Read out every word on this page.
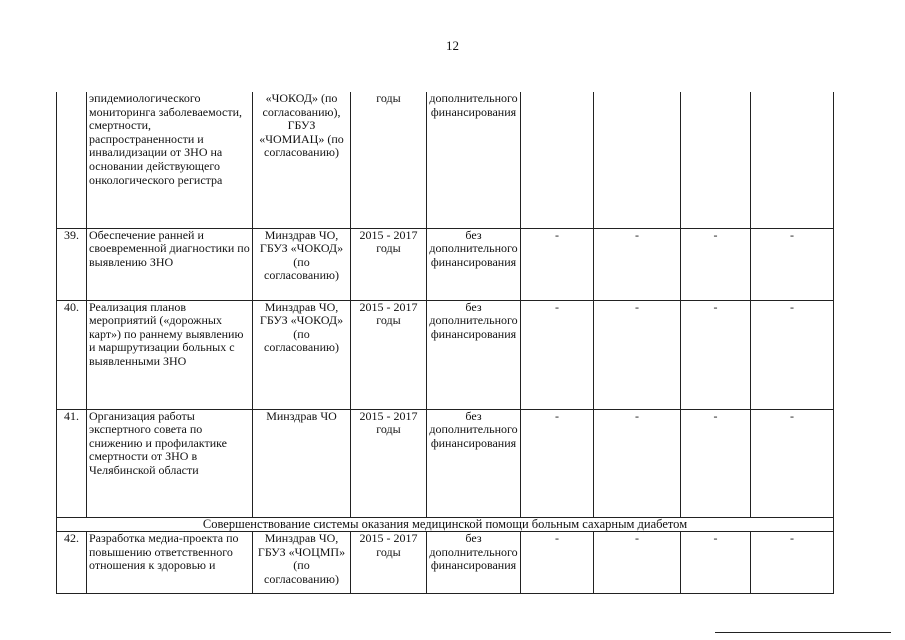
12
	эпидемиологического мониторинга заболеваемости, смертности, распространенности и инвалидизации от ЗНО на основании действующего онкологического регистра	«ЧОКОД» (по согласованию), ГБУЗ «ЧОМИАЦ» (по согласованию)	годы	дополнительного финансирования				
39.	Обеспечение ранней и своевременной диагностики по выявлению ЗНО	Минздрав ЧО, ГБУЗ «ЧОКОД» (по согласованию)	2015 - 2017 годы	без дополнительного финансирования	-	-	-	-
40.	Реализация планов мероприятий («дорожных карт») по раннему выявлению и маршрутизации больных с выявленными ЗНО	Минздрав ЧО, ГБУЗ «ЧОКОД» (по согласованию)	2015 - 2017 годы	без дополнительного финансирования	-	-	-	-
41.	Организация работы экспертного совета по снижению и профилактике смертности от ЗНО в Челябинской области	Минздрав ЧО	2015 - 2017 годы	без дополнительного финансирования	-	-	-	-
Совершенствование системы оказания медицинской помощи больным сахарным диабетом								
42.	Разработка медиа-проекта по повышению ответственного отношения к здоровью и	Минздрав ЧО, ГБУЗ «ЧОЦМП» (по согласованию)	2015 - 2017 годы	без дополнительного финансирования	-	-	-	-
